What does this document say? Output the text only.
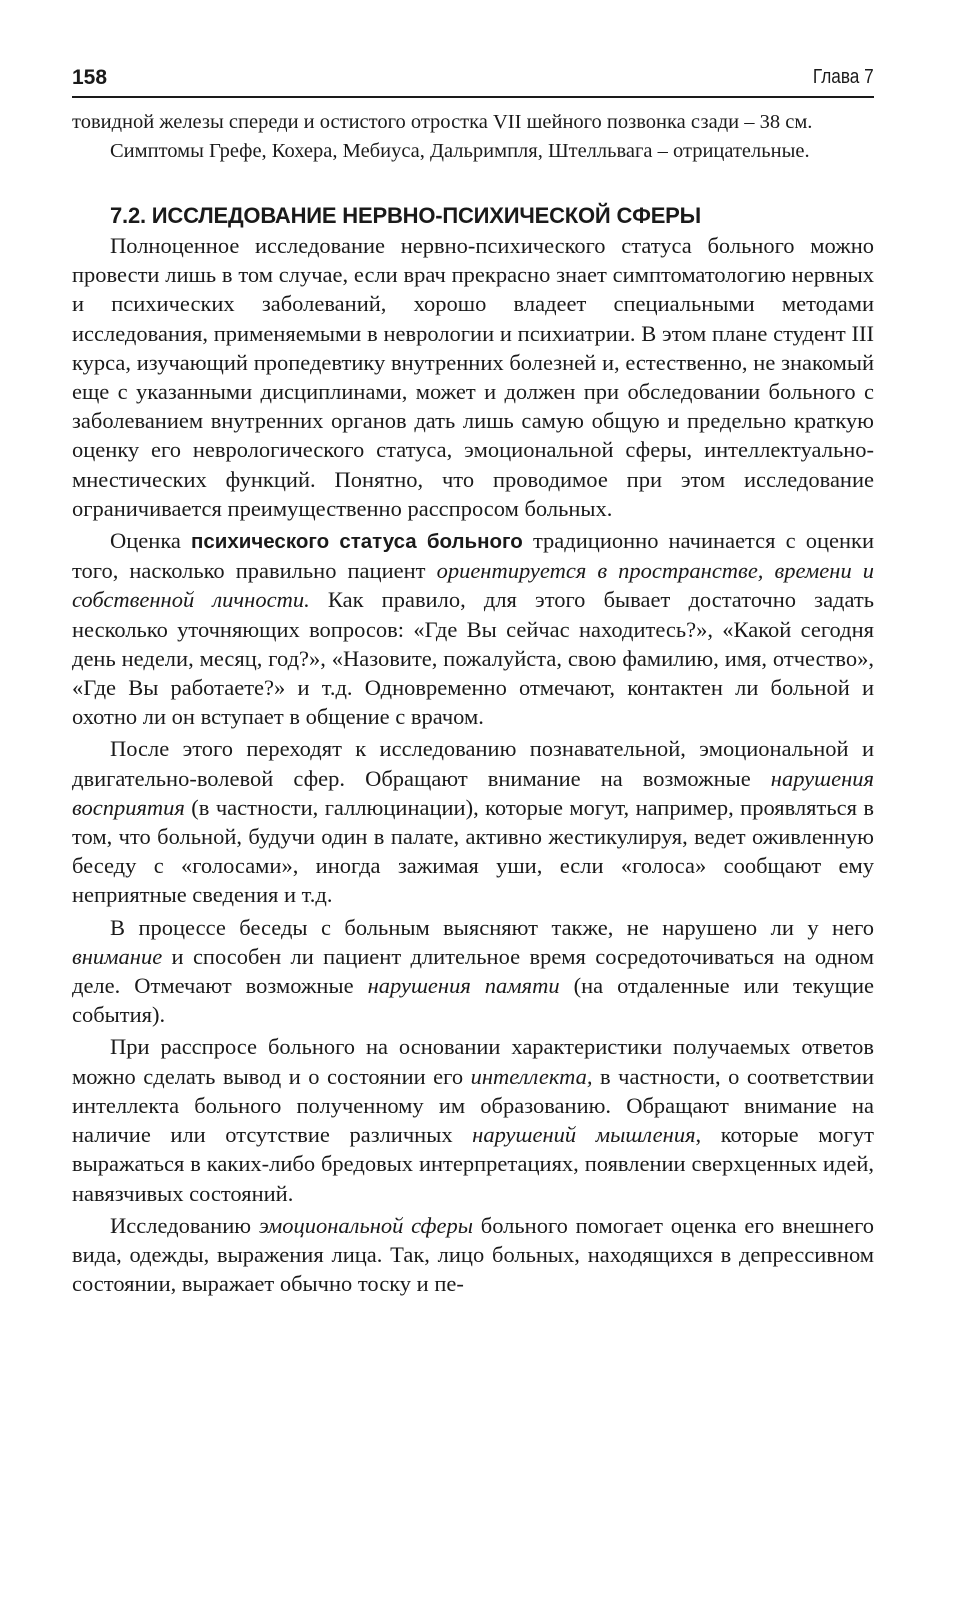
158	Глава 7

товидной железы спереди и остистого отростка VII шейного позвонка сзади – 38 см.

Симптомы Грефе, Кохера, Мебиуса, Дальримпля, Штелльвага – отрицательные.

7.2. ИССЛЕДОВАНИЕ НЕРВНО-ПСИХИЧЕСКОЙ СФЕРЫ

Полноценное исследование нервно-психического статуса больного можно провести лишь в том случае, если врач прекрасно знает симптоматологию нервных и психических заболеваний, хорошо владеет специальными методами исследования, применяемыми в неврологии и психиатрии. В этом плане студент III курса, изучающий пропедевтику внутренних болезней и, естественно, не знакомый еще с указанными дисциплинами, может и должен при обследовании больного с заболеванием внутренних органов дать лишь самую общую и предельно краткую оценку его неврологического статуса, эмоциональной сферы, интеллектуально-мнестических функций. Понятно, что проводимое при этом исследование ограничивается преимущественно расспросом больных.

Оценка психического статуса больного традиционно начинается с оценки того, насколько правильно пациент ориентируется в пространстве, времени и собственной личности. Как правило, для этого бывает достаточно задать несколько уточняющих вопросов: «Где Вы сейчас находитесь?», «Какой сегодня день недели, месяц, год?», «Назовите, пожалуйста, свою фамилию, имя, отчество», «Где Вы работаете?» и т.д. Одновременно отмечают, контактен ли больной и охотно ли он вступает в общение с врачом.

После этого переходят к исследованию познавательной, эмоциональной и двигательно-волевой сфер. Обращают внимание на возможные нарушения восприятия (в частности, галлюцинации), которые могут, например, проявляться в том, что больной, будучи один в палате, активно жестикулируя, ведет оживленную беседу с «голосами», иногда зажимая уши, если «голоса» сообщают ему неприятные сведения и т.д.

В процессе беседы с больным выясняют также, не нарушено ли у него внимание и способен ли пациент длительное время сосредоточиваться на одном деле. Отмечают возможные нарушения памяти (на отдаленные или текущие события).

При расспросе больного на основании характеристики получаемых ответов можно сделать вывод и о состоянии его интеллекта, в частности, о соответствии интеллекта больного полученному им образованию. Обращают внимание на наличие или отсутствие различных нарушений мышления, которые могут выражаться в каких-либо бредовых интерпретациях, появлении сверхценных идей, навязчивых состояний.

Исследованию эмоциональной сферы больного помогает оценка его внешнего вида, одежды, выражения лица. Так, лицо больных, находящихся в депрессивном состоянии, выражает обычно тоску и пе-
